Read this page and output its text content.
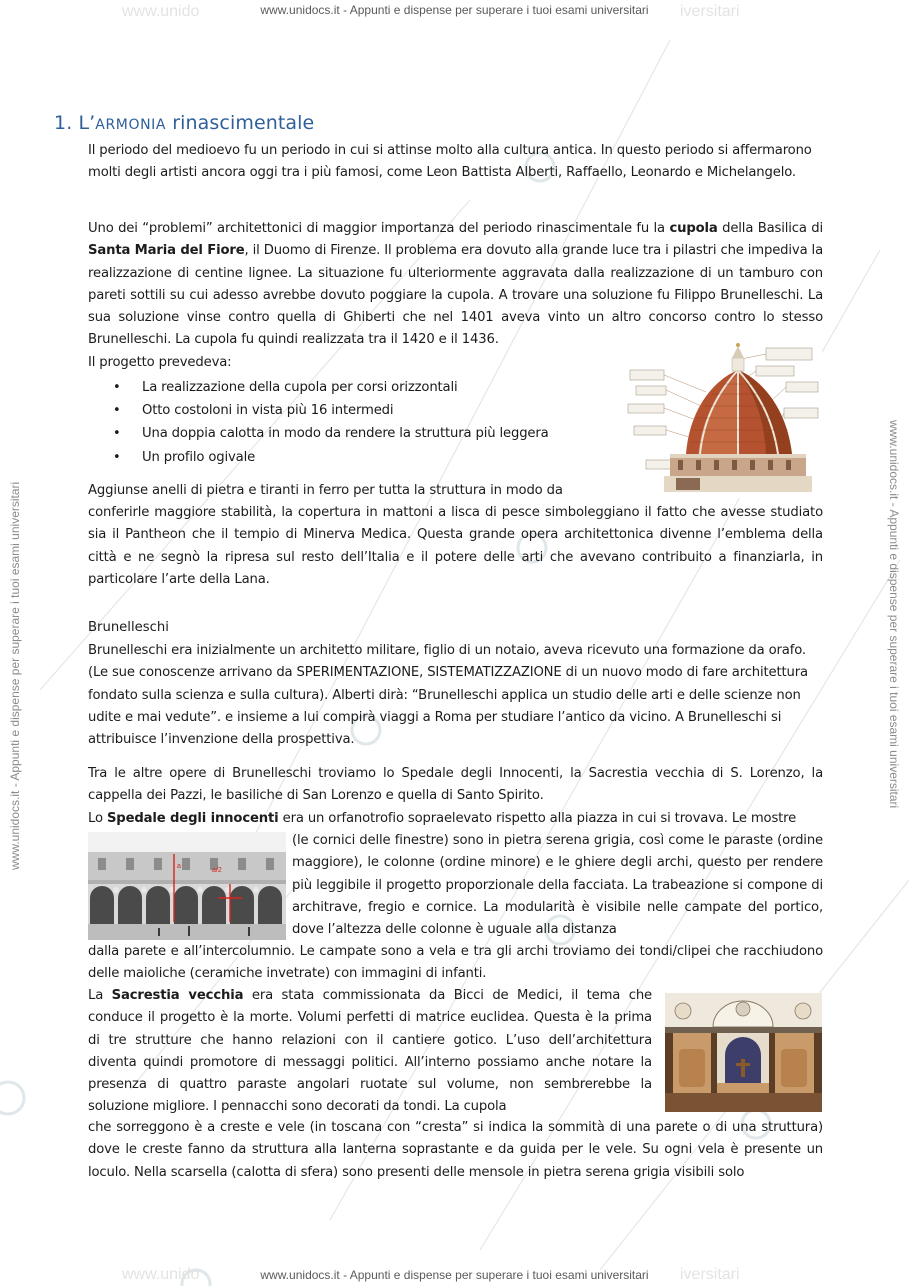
www.unido	www.unidocs.it - Appunti e dispense per superare i tuoi esami universitari iversitari
www.unidocs.it - Appunti e dispense per superare i tuoi esami universitari	www.unidocs.it - Appunti e dispense per superare i tuoi esami universitari
1. L’ARMONIA rinascimentale
Il periodo del medioevo fu un periodo in cui si attinse molto alla cultura antica. In questo periodo si affermarono molti degli artisti ancora oggi tra i più famosi, come Leon Battista Alberti, Raffaello, Leonardo e Michelangelo.
Uno dei “problemi” architettonici di maggior importanza del periodo rinascimentale fu la cupola della Basilica di Santa Maria del Fiore, il Duomo di Firenze. Il problema era dovuto alla grande luce tra i pilastri che impediva la realizzazione di centine lignee. La situazione fu ulteriormente aggravata dalla realizzazione di un tamburo con pareti sottili su cui adesso avrebbe dovuto poggiare la cupola. A trovare una soluzione fu Filippo Brunelleschi. La sua soluzione vinse contro quella di Ghiberti che nel 1401 aveva vinto un altro concorso contro lo stesso Brunelleschi. La cupola fu quindi realizzata tra il 1420 e il 1436.
Il progetto prevedeva:
• La realizzazione della cupola per corsi orizzontali
• Otto costoloni in vista più 16 intermedi
• Una doppia calotta in modo da rendere la struttura più leggera
• Un profilo ogivale
Aggiunse anelli di pietra e tiranti in ferro per tutta la struttura in modo da
conferirle maggiore stabilità, la copertura in mattoni a lisca di pesce simboleggiano il fatto che avesse studiato sia il Pantheon che il tempio di Minerva Medica. Questa grande opera architettonica divenne l’emblema della città e ne segnò la ripresa sul resto dell’Italia e il potere delle arti che avevano contribuito a finanziarla, in particolare l’arte della Lana.
Brunelleschi
Brunelleschi era inizialmente un architetto militare, figlio di un notaio, aveva ricevuto una formazione da orafo. (Le sue conoscenze arrivano da SPERIMENTAZIONE, SISTEMATIZZAZIONE di un nuovo modo di fare architettura fondato sulla scienza e sulla cultura). Alberti dirà: “Brunelleschi applica un studio delle arti e delle scienze non udite e mai vedute”. e insieme a lui compirà viaggi a Roma per studiare l’antico da vicino. A Brunelleschi si attribuisce l’invenzione della prospettiva.
Tra le altre opere di Brunelleschi troviamo lo Spedale degli Innocenti, la Sacrestia vecchia di S. Lorenzo, la cappella dei Pazzi, le basiliche di San Lorenzo e quella di Santo Spirito.
Lo Spedale degli innocenti era un orfanotrofio sopraelevato rispetto alla piazza in cui si trovava. Le mostre
a
a/2
(le cornici delle finestre) sono in pietra serena grigia, così come le paraste (ordine maggiore), le colonne (ordine minore) e le ghiere degli archi, questo per rendere più leggibile il progetto proporzionale della facciata. La trabeazione si compone di architrave, fregio e cornice. La modularità è visibile nelle campate del portico, dove l’altezza delle colonne è uguale alla distanza
dalla parete e all’intercolumnio. Le campate sono a vela e tra gli archi troviamo dei tondi/clipei che racchiudono delle maioliche (ceramiche invetrate) con immagini di infanti.
La Sacrestia vecchia era stata commissionata da Bicci de Medici, il tema che conduce il progetto è la morte. Volumi perfetti di matrice euclidea. Questa è la prima di tre strutture che hanno relazioni con il cantiere gotico. L’uso dell’architettura diventa quindi promotore di messaggi politici. All’interno possiamo anche notare la presenza di quattro paraste angolari ruotate sul volume, non sembrerebbe la soluzione migliore. I pennacchi sono decorati da tondi. La cupola
che sorreggono è a creste e vele (in toscana con “cresta” si indica la sommità di una parete o di una struttura) dove le creste fanno da struttura alla lanterna soprastante e da guida per le vele. Su ogni vela è presente un loculo. Nella scarsella (calotta di sfera) sono presenti delle mensole in pietra serena grigia visibili solo
www.unido	www.unidocs.it - Appunti e dispense per superare i tuoi esami universitari iversitari
